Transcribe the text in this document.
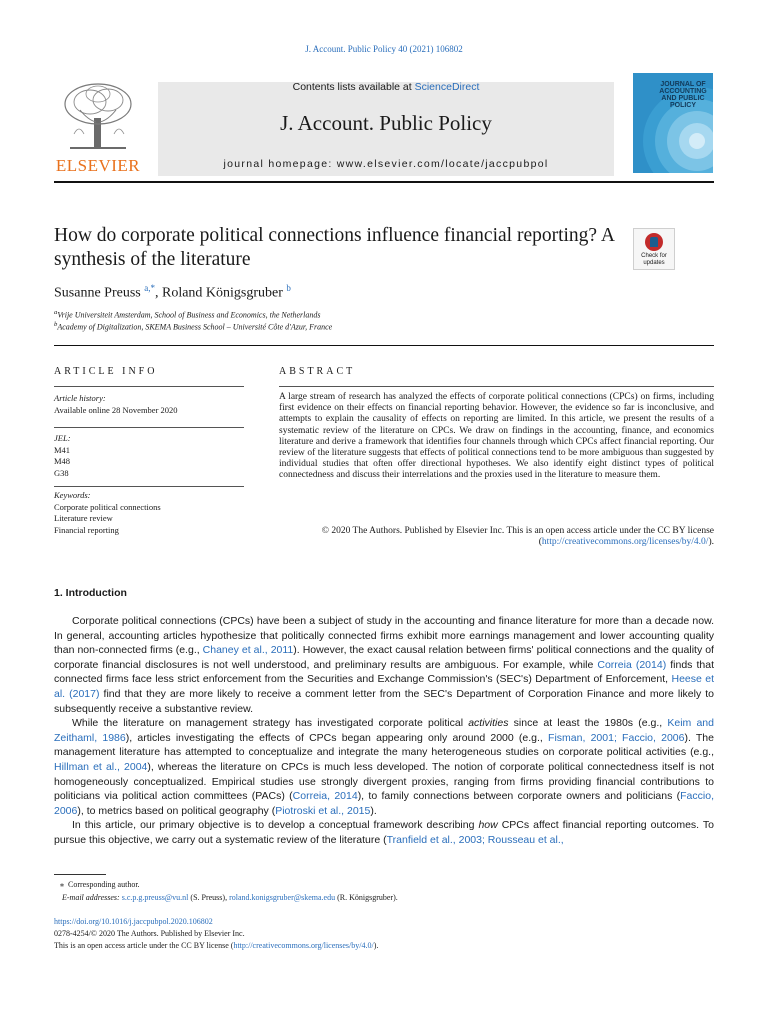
J. Account. Public Policy 40 (2021) 106802
ELSEVIER
Contents lists available at ScienceDirect
J. Account. Public Policy
journal homepage: www.elsevier.com/locate/jaccpubpol
JOURNAL OF ACCOUNTING AND PUBLIC POLICY
How do corporate political connections influence financial reporting? A synthesis of the literature	Check for updates
Susanne Preuss $^{a,*}$, Roland Königsgruber $^b$
$^a$Vrije Universiteit Amsterdam, School of Business and Economics, the Netherlands
$^b$Academy of Digitalization, SKEMA Business School – Université Côte d'Azur, France
ARTICLE INFO	ABSTRACT
Article history:
Available online 28 November 2020
JEL:
M41
M48
G38
Keywords:
Corporate political connections
Literature review
Financial reporting
A large stream of research has analyzed the effects of corporate political connections (CPCs) on firms, including first evidence on their effects on financial reporting behavior. However, the evidence so far is inconclusive, and attempts to explain the causality of effects on reporting are limited. In this article, we present the results of a systematic review of the literature on CPCs. We draw on findings in the accounting, finance, and economics literature and derive a framework that identifies four channels through which CPCs affect financial reporting. Our review of the literature suggests that effects of political connections tend to be more ambiguous than suggested by individual studies that often offer directional hypotheses. We also identify eight distinct types of political connectedness and discuss their interrelations and the proxies used in the literature to measure them.
© 2020 The Authors. Published by Elsevier Inc. This is an open access article under the CC BY license (http://creativecommons.org/licenses/by/4.0/).
1. Introduction

Corporate political connections (CPCs) have been a subject of study in the accounting and finance literature for more than a decade now. In general, accounting articles hypothesize that politically connected firms exhibit more earnings management and lower accounting quality than non-connected firms (e.g., Chaney et al., 2011). However, the exact causal relation between firms' political connections and the quality of corporate financial disclosures is not well understood, and preliminary results are ambiguous. For example, while Correia (2014) finds that connected firms face less strict enforcement from the Securities and Exchange Commission's (SEC's) Department of Enforcement, Heese et al. (2017) find that they are more likely to receive a comment letter from the SEC's Department of Corporation Finance and more likely to subsequently receive a substantive review.

While the literature on management strategy has investigated corporate political activities since at least the 1980s (e.g., Keim and Zeithaml, 1986), articles investigating the effects of CPCs began appearing only around 2000 (e.g., Fisman, 2001; Faccio, 2006). The management literature has attempted to conceptualize and integrate the many heterogeneous studies on corporate political activities (e.g., Hillman et al., 2004), whereas the literature on CPCs is much less developed. The notion of corporate political connectedness itself is not homogeneously conceptualized. Empirical studies use strongly divergent proxies, ranging from firms providing financial contributions to politicians via political action committees (PACs) (Correia, 2014), to family connections between corporate owners and politicians (Faccio, 2006), to metrics based on political geography (Piotroski et al., 2015).

In this article, our primary objective is to develop a conceptual framework describing how CPCs affect financial reporting outcomes. To pursue this objective, we carry out a systematic review of the literature (Tranfield et al., 2003; Rousseau et al.,

⁎ Corresponding author.
E-mail addresses: s.c.p.g.preuss@vu.nl (S. Preuss), roland.konigsgruber@skema.edu (R. Königsgruber).
https://doi.org/10.1016/j.jaccpubpol.2020.106802
0278-4254/© 2020 The Authors. Published by Elsevier Inc.
This is an open access article under the CC BY license (http://creativecommons.org/licenses/by/4.0/).
